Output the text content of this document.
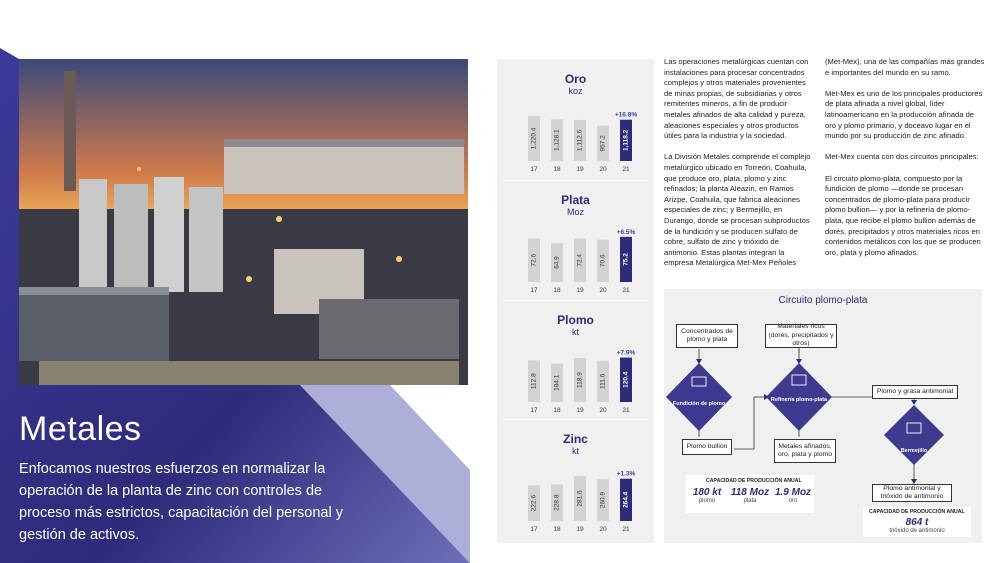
Metales
Enfocamos nuestros esfuerzos en normalizar la operación de la planta de zinc con controles de proceso más estrictos, capacitación del personal y gestión de activos.
Oro
koz
1,220.4
17
1,128.1
18
1,112.6
19
957.2
20
1,118.2
21
+16.8%
Plata
Moz
72.6
17
64.9
18
72.4
19
70.6
20
75.2
21
+6.5%
Plomo
kt
112.8
17
104.1
18
118.9
19
111.6
20
120.4
21
+7.9%
Zinc
kt
222.6
17
228.8
18
281.6
19
260.9
20
264.4
21
+1.3%

Las operaciones metalúrgicas cuentan con instalaciones para procesar concentrados complejos y otros materiales provenientes de minas propias, de subsidiarias y otros remitentes mineros, a fin de producir metales afinados de alta calidad y pureza, aleaciones especiales y otros productos útiles para la industria y la sociedad.

La División Metales comprende el complejo metalúrgico ubicado en Torreón, Coahuila, que produce oro, plata, plomo y zinc refinados; la planta Aleazin, en Ramos Arizpe, Coahuila, que fabrica aleaciones especiales de zinc; y Bermejillo, en Durango, donde se procesan subproductos de la fundición y se producen sulfato de cobre, sulfato de zinc y trióxido de antimonio. Estas plantas integran la empresa Metalúrgica Met-Mex Peñoles

(Met-Mex), una de las compañías más grandes e importantes del mundo en su ramo.

Met-Mex es uno de los principales productores de plata afinada a nivel global, líder latinoamericano en la producción afinada de oro y plomo primario, y doceavo lugar en el mundo por su producción de zinc afinado.

Met-Mex cuenta con dos circuitos principales:

El circuito plomo-plata, compuesto por la fundición de plomo —donde se procesan concentrados de plomo-plata para producir plomo bullion— y por la refinería de plomo-plata, que recibe el plomo bullion además de dorés, precipitados y otros materiales ricos en contenidos metálicos con los que se producen oro, plata y plomo afinados.

Circuito plomo-plata
Fundición de plomo
Refinería plomo-plata
Bermejillo
Concentrados de plomo y plata
Materiales ricos (dorés, precipitados y otros)
Plomo bullion	Metales afinados, oro, plata y plomo
Plomo y grasa antimonial
Plomo antimonial y trióxido de antimonio
CAPACIDAD DE PRODUCCIÓN ANUAL
180 kt
plomo
118 Moz
plata
1.9 Moz
oro
CAPACIDAD DE PRODUCCIÓN ANUAL
864 t
trióxido de antimonio
